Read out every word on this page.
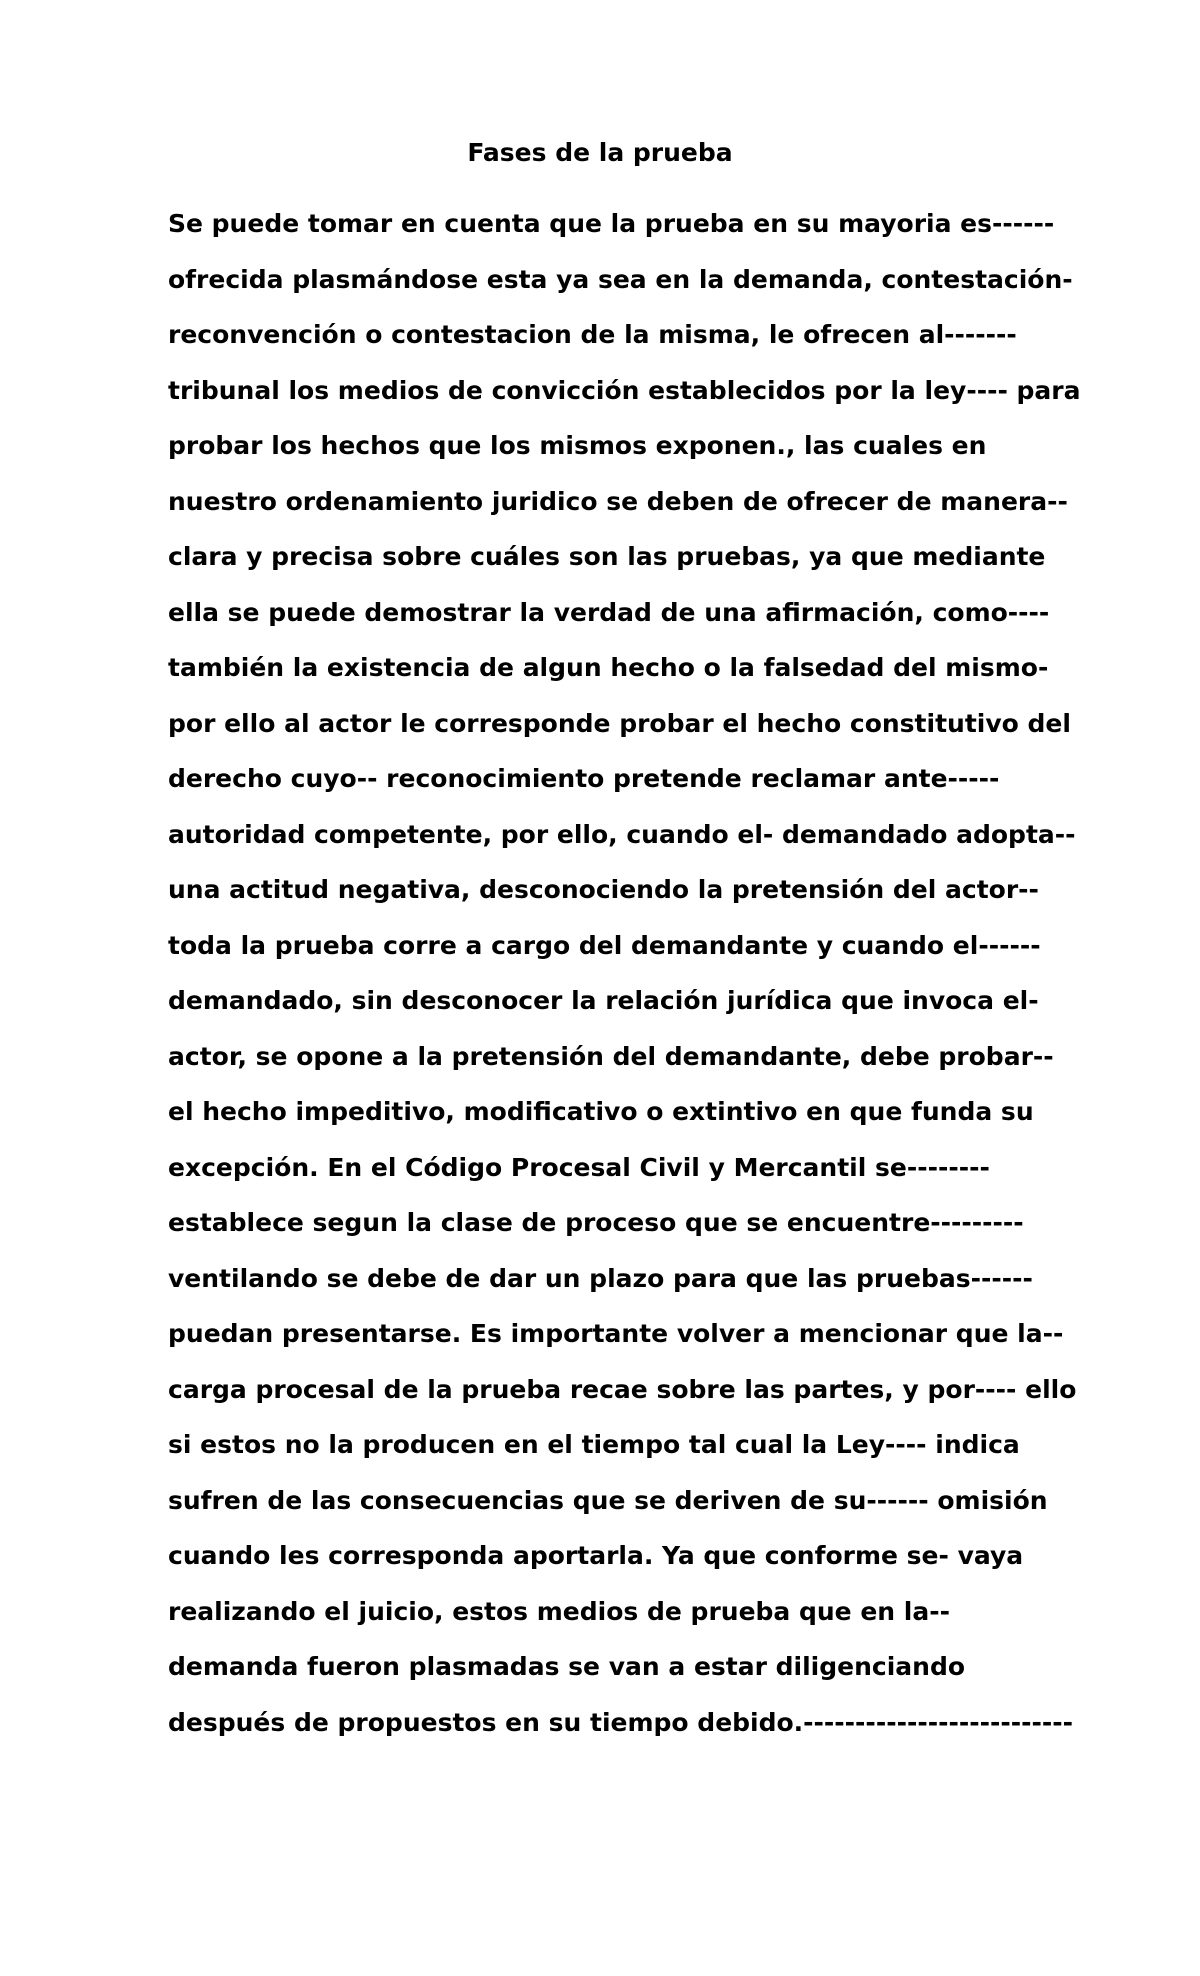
Fases de la prueba
Se puede tomar en cuenta que la prueba en su mayoria es------
ofrecida plasmándose esta ya sea en la demanda, contestación-
reconvención o contestacion de la misma, le ofrecen al-------
tribunal los medios de convicción establecidos por la ley---- para
probar los hechos que los mismos exponen., las cuales en
nuestro ordenamiento juridico se deben de ofrecer de manera--
clara y precisa sobre cuáles son las pruebas, ya que mediante
ella se puede demostrar la verdad de una afirmación, como----
también la existencia de algun hecho o la falsedad del mismo-
por ello al actor le corresponde probar el hecho constitutivo del
derecho cuyo-- reconocimiento pretende reclamar ante-----
autoridad competente, por ello, cuando el- demandado adopta--
una actitud negativa, desconociendo la pretensión del actor--
toda la prueba corre a cargo del demandante y cuando el------
demandado, sin desconocer la relación jurídica que invoca el-
actor, se opone a la pretensión del demandante, debe probar--
el hecho impeditivo, modificativo o extintivo en que funda su
excepción. En el Código Procesal Civil y Mercantil se--------
establece segun la clase de proceso que se encuentre---------
ventilando se debe de dar un plazo para que las pruebas------
puedan presentarse. Es importante volver a mencionar que la--
carga procesal de la prueba recae sobre las partes, y por---- ello
si estos no la producen en el tiempo tal cual la Ley---- indica
sufren de las consecuencias que se deriven de su------ omisión
cuando les corresponda aportarla. Ya que conforme se- vaya
realizando el juicio, estos medios de prueba que en la--
demanda fueron plasmadas se van a estar diligenciando
después de propuestos en su tiempo debido.--------------------------
